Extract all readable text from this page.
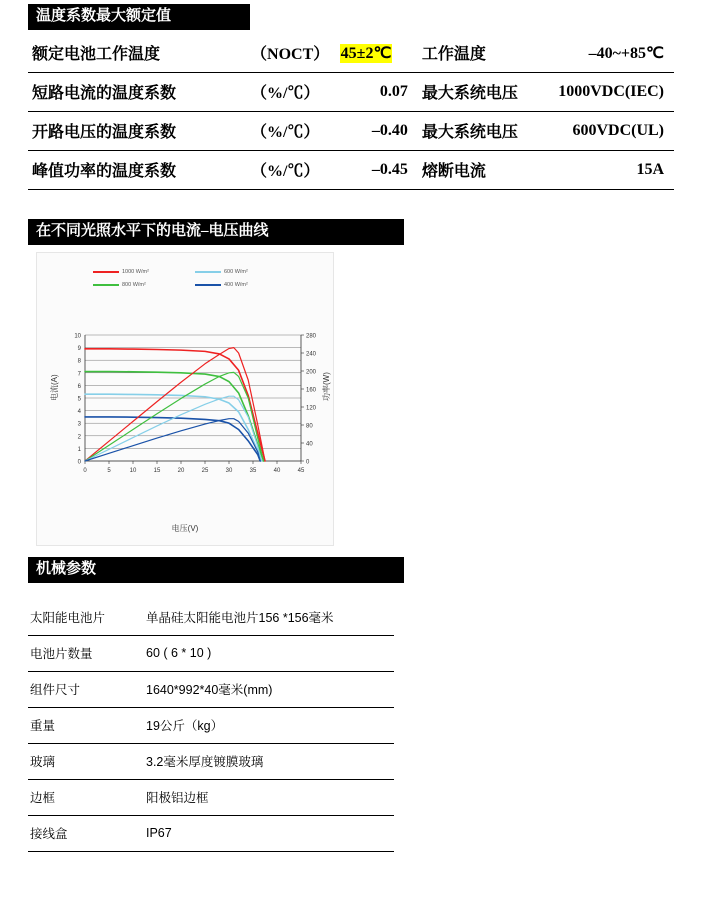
温度系数最大额定值
额定电池工作温度	（NOCT）	45±2℃	工作温度	–40~+85℃
短路电流的温度系数	（%/℃）	0.07	最大系统电压	1000VDC(IEC)
开路电压的温度系数	（%/℃）	–0.40	最大系统电压	600VDC(UL)
峰值功率的温度系数	（%/℃）	–0.45	熔断电流	15A
在不同光照水平下的电流–电压曲线
1000 W/m²	600 W/m²
800 W/m²	400 W/m²
0
1
2
3
4
5
6
7
8
9
10
0
40
80
120
160
200
240
280
0	5	10	15	20	25	30	35	40	45
电流(A)	功率(W)
电压(V)
机械参数
太阳能电池片	单晶硅太阳能电池片156 *156毫米
电池片数量	60 ( 6 * 10 )
组件尺寸	1640*992*40毫米(mm)
重量	19公斤（kg）
玻璃	3.2毫米厚度镀膜玻璃
边框	阳极铝边框
接线盒	IP67
